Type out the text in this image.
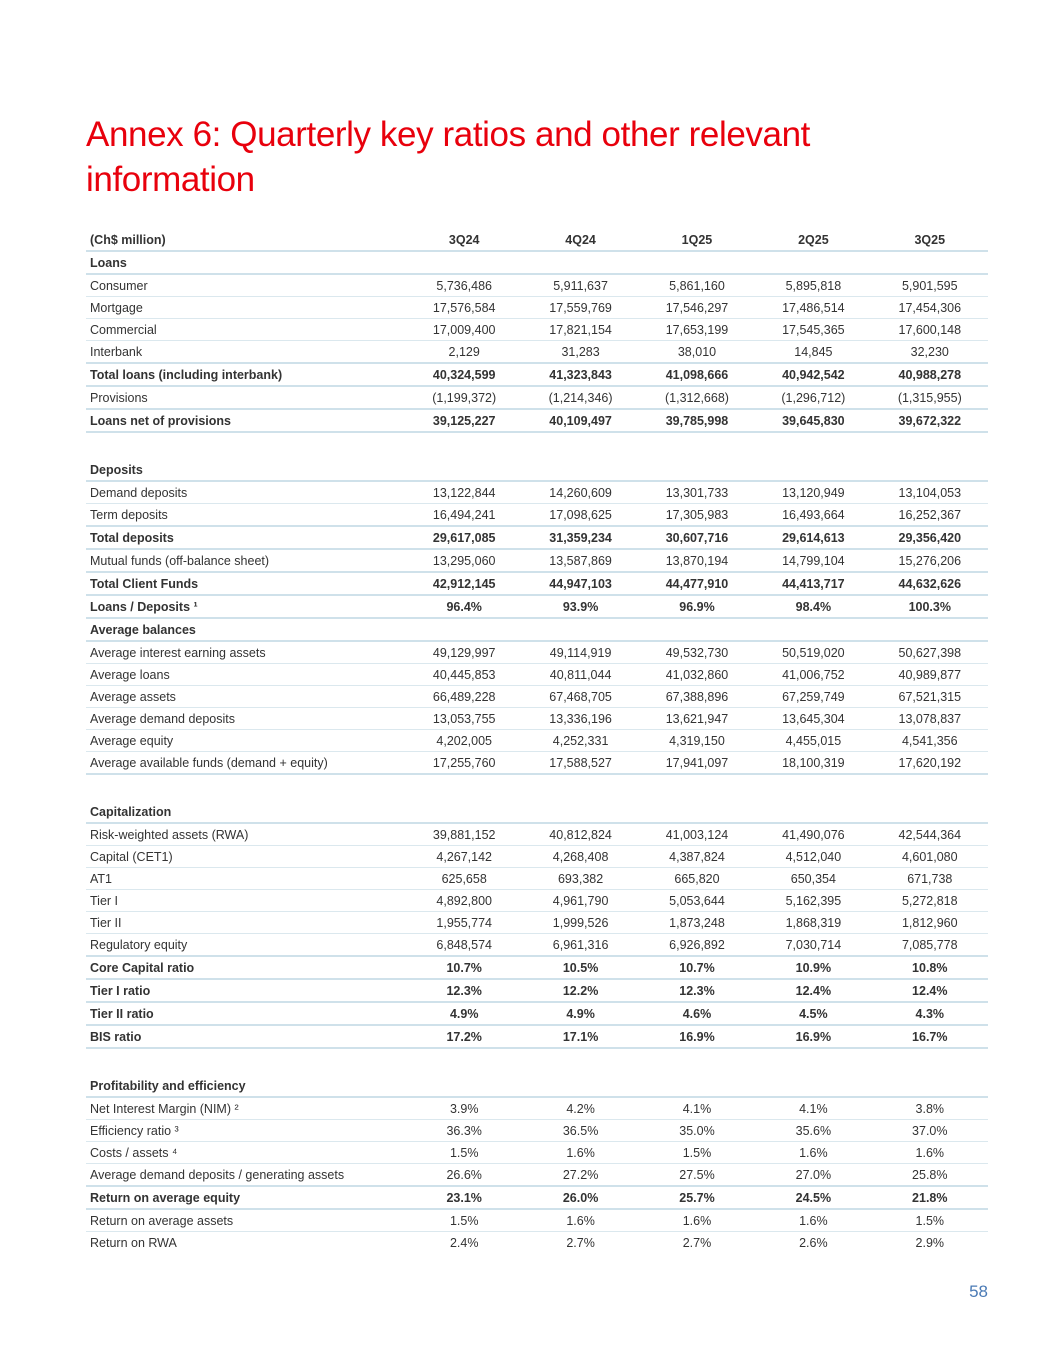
Annex 6: Quarterly key ratios and other relevant information
(Ch$ million)	3Q24	4Q24	1Q25	2Q25	3Q25
Loans					
Consumer	5,736,486	5,911,637	5,861,160	5,895,818	5,901,595
Mortgage	17,576,584	17,559,769	17,546,297	17,486,514	17,454,306
Commercial	17,009,400	17,821,154	17,653,199	17,545,365	17,600,148
Interbank	2,129	31,283	38,010	14,845	32,230
Total loans (including interbank)	40,324,599	41,323,843	41,098,666	40,942,542	40,988,278
Provisions	(1,199,372)	(1,214,346)	(1,312,668)	(1,296,712)	(1,315,955)
Loans net of provisions	39,125,227	40,109,497	39,785,998	39,645,830	39,672,322

Deposits					
Demand deposits	13,122,844	14,260,609	13,301,733	13,120,949	13,104,053
Term deposits	16,494,241	17,098,625	17,305,983	16,493,664	16,252,367
Total deposits	29,617,085	31,359,234	30,607,716	29,614,613	29,356,420
Mutual funds (off-balance sheet)	13,295,060	13,587,869	13,870,194	14,799,104	15,276,206
Total Client Funds	42,912,145	44,947,103	44,477,910	44,413,717	44,632,626
Loans / Deposits ¹	96.4%	93.9%	96.9%	98.4%	100.3%
Average balances					
Average interest earning assets	49,129,997	49,114,919	49,532,730	50,519,020	50,627,398
Average loans	40,445,853	40,811,044	41,032,860	41,006,752	40,989,877
Average assets	66,489,228	67,468,705	67,388,896	67,259,749	67,521,315
Average demand deposits	13,053,755	13,336,196	13,621,947	13,645,304	13,078,837
Average equity	4,202,005	4,252,331	4,319,150	4,455,015	4,541,356
Average available funds (demand + equity)	17,255,760	17,588,527	17,941,097	18,100,319	17,620,192

Capitalization					
Risk-weighted assets (RWA)	39,881,152	40,812,824	41,003,124	41,490,076	42,544,364
Capital (CET1)	4,267,142	4,268,408	4,387,824	4,512,040	4,601,080
AT1	625,658	693,382	665,820	650,354	671,738
Tier I	4,892,800	4,961,790	5,053,644	5,162,395	5,272,818
Tier II	1,955,774	1,999,526	1,873,248	1,868,319	1,812,960
Regulatory equity	6,848,574	6,961,316	6,926,892	7,030,714	7,085,778
Core Capital ratio	10.7%	10.5%	10.7%	10.9%	10.8%
Tier I ratio	12.3%	12.2%	12.3%	12.4%	12.4%
Tier II ratio	4.9%	4.9%	4.6%	4.5%	4.3%
BIS ratio	17.2%	17.1%	16.9%	16.9%	16.7%

Profitability and efficiency					
Net Interest Margin (NIM) ²	3.9%	4.2%	4.1%	4.1%	3.8%
Efficiency ratio ³	36.3%	36.5%	35.0%	35.6%	37.0%
Costs / assets ⁴	1.5%	1.6%	1.5%	1.6%	1.6%
Average demand deposits / generating assets	26.6%	27.2%	27.5%	27.0%	25.8%
Return on average equity	23.1%	26.0%	25.7%	24.5%	21.8%
Return on average assets	1.5%	1.6%	1.6%	1.6%	1.5%
Return on RWA	2.4%	2.7%	2.7%	2.6%	2.9%
58
